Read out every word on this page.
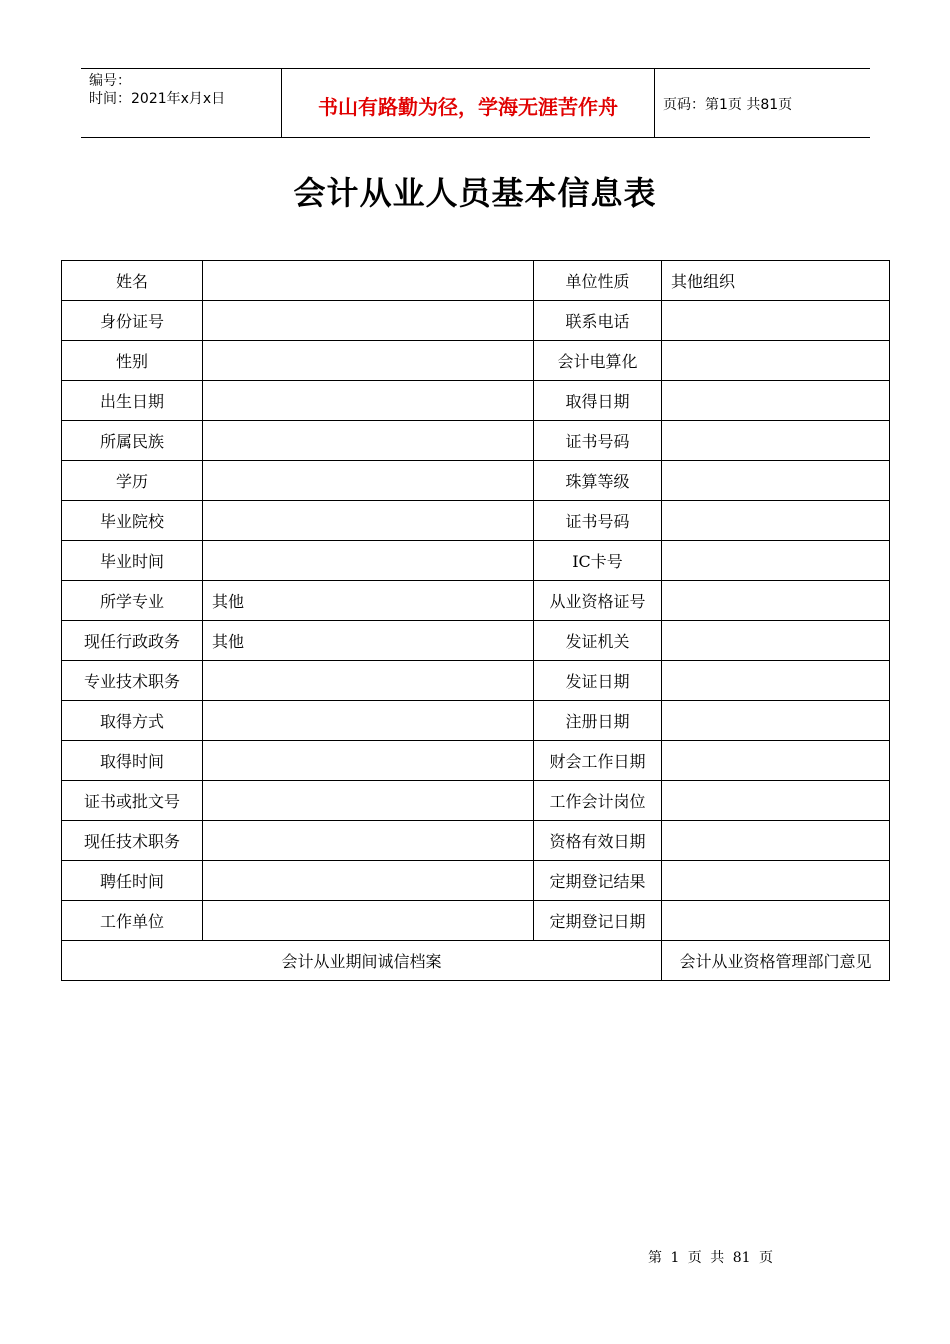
编号：
时间：2021年x月x日	书山有路勤为径，学海无涯苦作舟	页码：第1页 共81页
会计从业人员基本信息表
姓名		单位性质	其他组织
身份证号		联系电话	
性别		会计电算化	
出生日期		取得日期	
所属民族		证书号码	
学历		珠算等级	
毕业院校		证书号码	
毕业时间		IC卡号	
所学专业	其他	从业资格证号	
现任行政政务	其他	发证机关	
专业技术职务		发证日期	
取得方式		注册日期	
取得时间		财会工作日期	
证书或批文号		工作会计岗位	
现任技术职务		资格有效日期	
聘任时间		定期登记结果	
工作单位		定期登记日期	
会计从业期间诚信档案			会计从业资格管理部门意见
第 1 页 共 81 页
